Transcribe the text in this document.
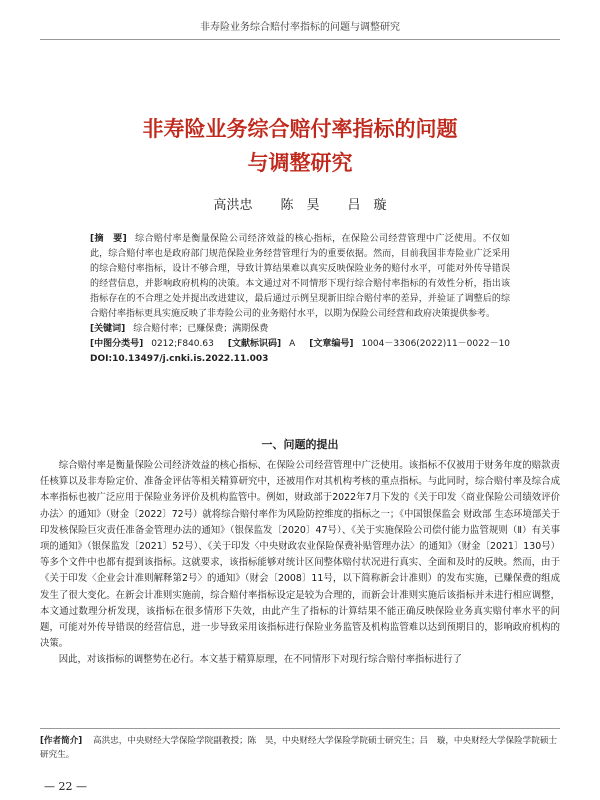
非寿险业务综合赔付率指标的问题与调整研究
非寿险业务综合赔付率指标的问题
与调整研究
高洪忠 陈　昊 吕　璇
[摘　要] 综合赔付率是衡量保险公司经济效益的核心指标，在保险公司经营管理中广泛使用。不仅如此，综合赔付率也是政府部门规范保险业务经营管理行为的重要依据。然而，目前我国非寿险业广泛采用的综合赔付率指标，设计不够合理，导致计算结果难以真实反映保险业务的赔付水平，可能对外传导错误的经营信息，并影响政府机构的决策。本文通过对不同情形下现行综合赔付率指标的有效性分析，指出该指标存在的不合理之处并提出改进建议，最后通过示例呈现新旧综合赔付率的差异，并验证了调整后的综合赔付率指标更具实施反映了非寿险公司的业务赔付水平，以期为保险公司经营和政府决策提供参考。
[关键词] 综合赔付率；已赚保费；满期保费
[中图分类号] 0212;F840.63 [文献标识码] A [文章编号] 1004－3306(2022)11－0022－10
DOI:10.13497/j.cnki.is.2022.11.003
一、问题的提出

综合赔付率是衡量保险公司经济效益的核心指标、在保险公司经营管理中广泛使用。该指标不仅被用于财务年度的赔款责任核算以及非寿险定价、准备金评估等相关精算研究中，还被用作对其机构考核的重点指标。与此同时，综合赔付率及综合成本率指标也被广泛应用于保险业务评价及机构监管中。例如，财政部于2022年7月下发的《关于印发〈商业保险公司绩效评价办法〉的通知》（财金〔2022〕72号）就将综合赔付率作为风险防控维度的指标之一；《中国银保监会 财政部 生态环境部关于印发核保险巨灾责任准备金管理办法的通知》（银保监发〔2020〕47号）、《关于实施保险公司偿付能力监管规则（Ⅱ）有关事项的通知》（银保监发〔2021〕52号）、《关于印发〈中央财政农业保险保费补贴管理办法〉的通知》（财金〔2021〕130号）等多个文件中也都有提到该指标。这就要求，该指标能够对统计区间整体赔付状况进行真实、全面和及时的反映。然而，由于《关于印发〈企业会计准则解释第2号〉的通知》（财会〔2008〕11号，以下简称新会计准则）的发布实施，已赚保费的组成发生了很大变化。在新会计准则实施前，综合赔付率指标设定是较为合理的，而新会计准则实施后该指标并未进行相应调整，本文通过数理分析发现，该指标在很多情形下失效，由此产生了指标的计算结果不能正确反映保险业务真实赔付率水平的问题，可能对外传导错误的经营信息，进一步导致采用该指标进行保险业务监管及机构监管难以达到预期目的，影响政府机构的决策。

因此，对该指标的调整势在必行。本文基于精算原理，在不同情形下对现行综合赔付率指标进行了

[作者简介] 高洪忠，中央财经大学保险学院副教授；陈　昊，中央财经大学保险学院硕士研究生；吕　璇，中央财经大学保险学院硕士研究生。
— 22 —
